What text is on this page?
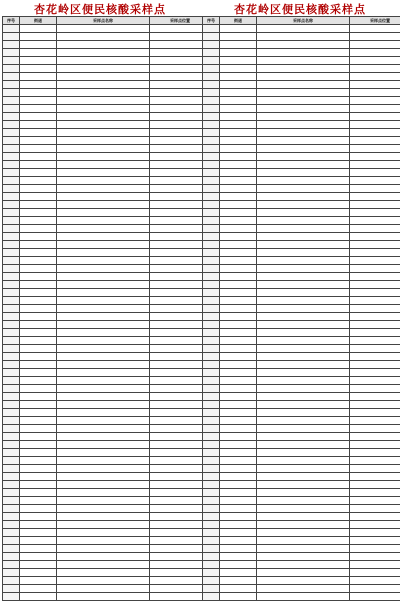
杏花岭区便民核酸采样点
序号	街道	采样点名称	采样点位置

杏花岭区便民核酸采样点
序号	街道	采样点名称	采样点位置
